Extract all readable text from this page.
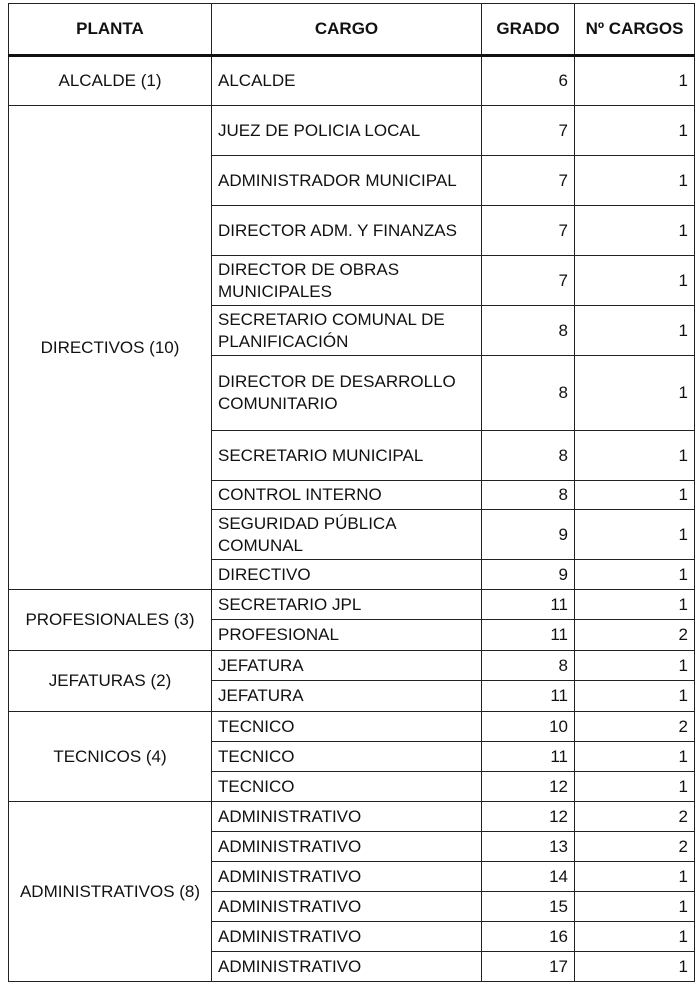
PLANTA	CARGO	GRADO	Nº CARGOS
ALCALDE (1)	ALCALDE	6	1
DIRECTIVOS (10)	JUEZ DE POLICIA LOCAL	7	1
	ADMINISTRADOR MUNICIPAL	7	1
	DIRECTOR ADM. Y FINANZAS	7	1
	DIRECTOR DE OBRAS MUNICIPALES	7	1
	SECRETARIO COMUNAL DE PLANIFICACIÓN	8	1
	DIRECTOR DE DESARROLLO COMUNITARIO	8	1
	SECRETARIO MUNICIPAL	8	1
	CONTROL INTERNO	8	1
	SEGURIDAD PÚBLICA COMUNAL	9	1
	DIRECTIVO	9	1
PROFESIONALES (3)	SECRETARIO JPL	11	1
	PROFESIONAL	11	2
JEFATURAS (2)	JEFATURA	8	1
	JEFATURA	11	1
TECNICOS (4)	TECNICO	10	2
	TECNICO	11	1
	TECNICO	12	1
ADMINISTRATIVOS (8)	ADMINISTRATIVO	12	2
	ADMINISTRATIVO	13	2
	ADMINISTRATIVO	14	1
	ADMINISTRATIVO	15	1
	ADMINISTRATIVO	16	1
	ADMINISTRATIVO	17	1
